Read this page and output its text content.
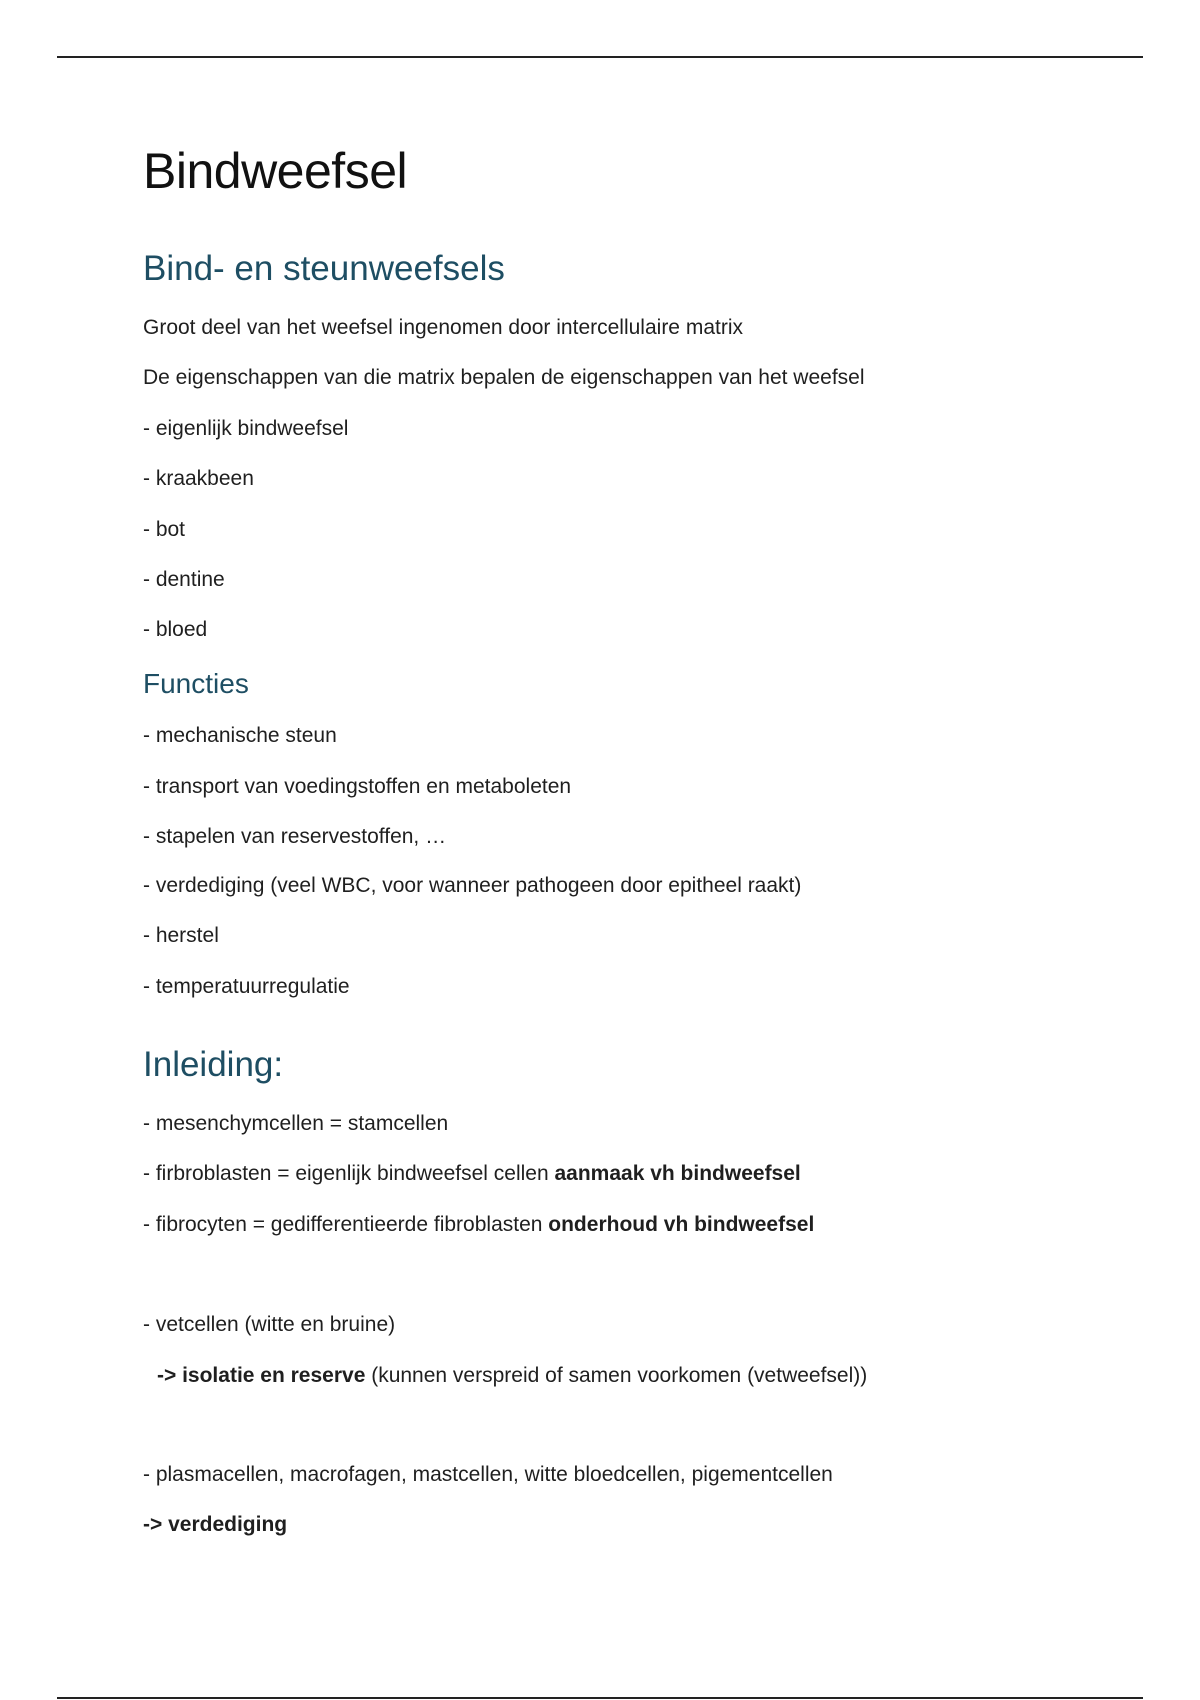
Bindweefsel
Bind- en steunweefsels

Groot deel van het weefsel ingenomen door intercellulaire matrix

De eigenschappen van die matrix bepalen de eigenschappen van het weefsel

- eigenlijk bindweefsel

- kraakbeen

- bot

- dentine

- bloed

Functies

- mechanische steun

- transport van voedingstoffen en metaboleten

- stapelen van reservestoffen, …

- verdediging (veel WBC, voor wanneer pathogeen door epitheel raakt)

- herstel

- temperatuurregulatie

Inleiding:

- mesenchymcellen = stamcellen

- firbroblasten = eigenlijk bindweefsel cellen aanmaak vh bindweefsel

- fibrocyten = gedifferentieerde fibroblasten onderhoud vh bindweefsel

- vetcellen (witte en bruine)

-> isolatie en reserve (kunnen verspreid of samen voorkomen (vetweefsel))

- plasmacellen, macrofagen, mastcellen, witte bloedcellen, pigementcellen

-> verdediging
